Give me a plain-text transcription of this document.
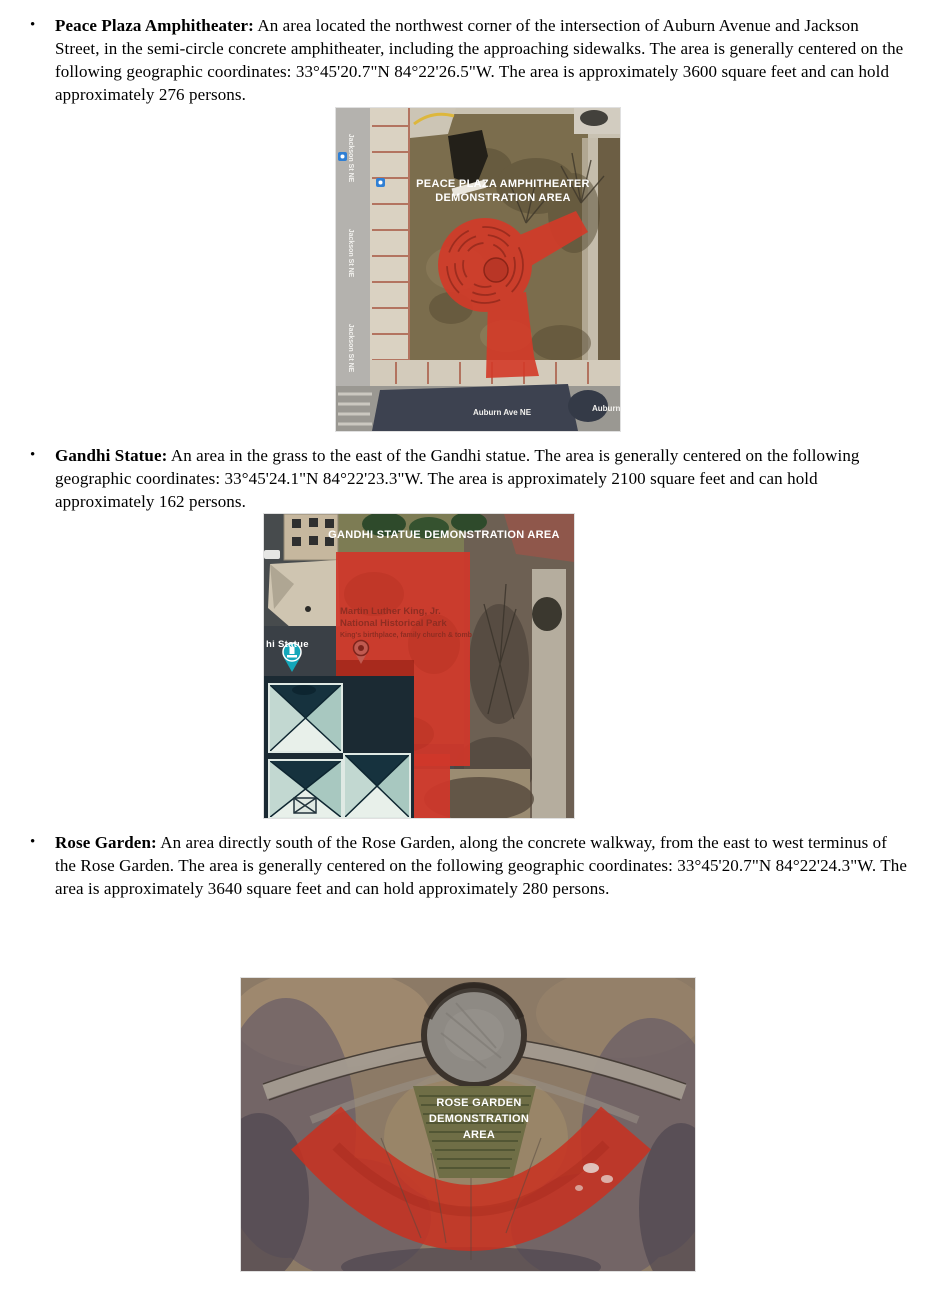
•	Peace Plaza Amphitheater: An area located the northwest corner of the intersection of Auburn Avenue and Jackson Street, in the semi-circle concrete amphitheater, including the approaching sidewalks. The area is generally centered on the following geographic coordinates: 33°45'20.7"N 84°22'26.5"W. The area is approximately 3600 square feet and can hold approximately 276 persons.

PEACE PLAZA AMPHITHEATER
DEMONSTRATION AREA
Jackson St NE
Jackson St NE
Jackson St NE
Auburn Ave NE	Auburn
•	Gandhi Statue: An area in the grass to the east of the Gandhi statue. The area is generally centered on the following geographic coordinates: 33°45'24.1"N 84°22'23.3"W. The area is approximately 2100 square feet and can hold approximately 162 persons.

GANDHI STATUE DEMONSTRATION AREA
Martin Luther King, Jr.
National Historical Park
King's birthplace, family church & tomb
hi Statue
•	Rose Garden: An area directly south of the Rose Garden, along the concrete walkway, from the east to west terminus of the Rose Garden. The area is generally centered on the following geographic coordinates: 33°45'20.7"N 84°22'24.3"W. The area is approximately 3640 square feet and can hold approximately 280 persons.

ROSE GARDEN
DEMONSTRATION
AREA
